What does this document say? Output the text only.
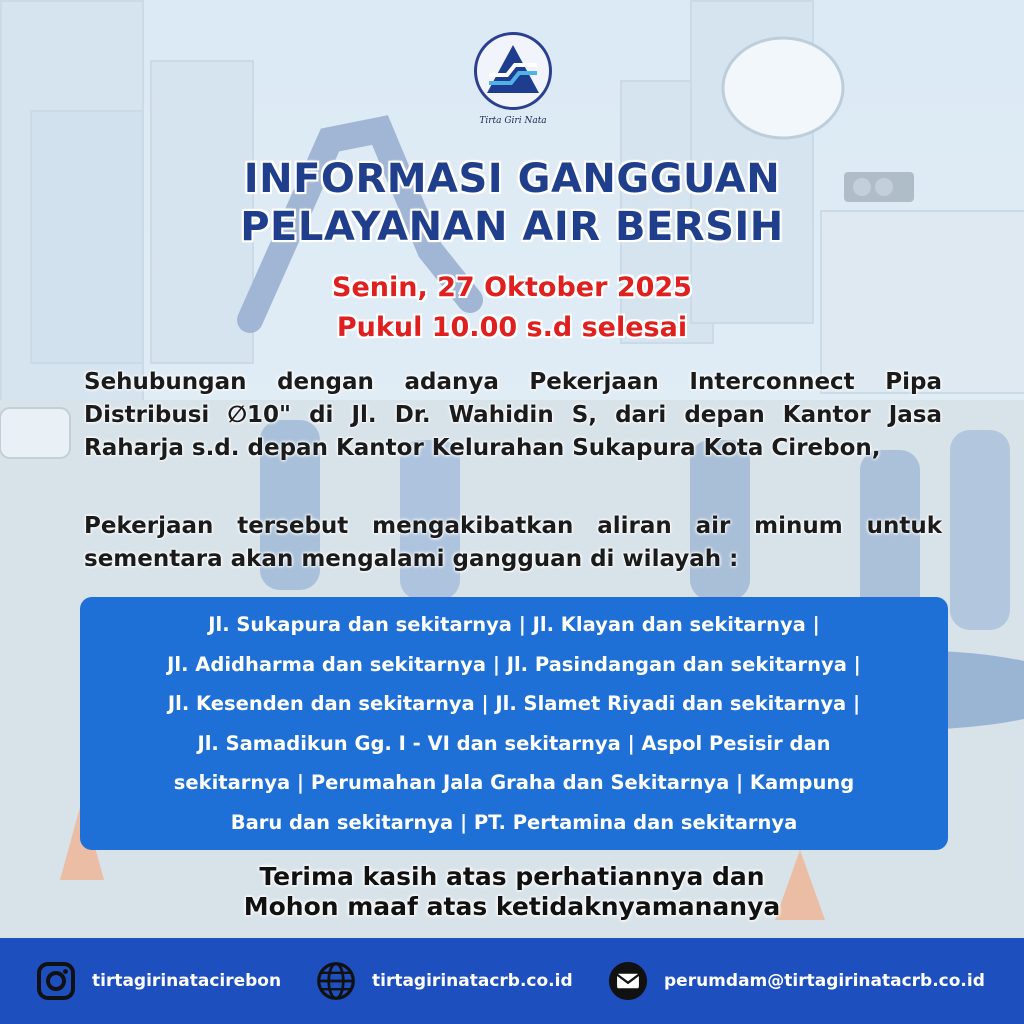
Tirta Giri Nata
INFORMASI GANGGUAN
PELAYANAN AIR BERSIH
Senin, 27 Oktober 2025
Pukul 10.00 s.d selesai
Sehubungan dengan adanya Pekerjaan Interconnect Pipa Distribusi ∅10" di Jl. Dr. Wahidin S, dari depan Kantor Jasa Raharja s.d. depan Kantor Kelurahan Sukapura Kota Cirebon,
Pekerjaan tersebut mengakibatkan aliran air minum untuk sementara akan mengalami gangguan di wilayah :
Jl. Sukapura dan sekitarnya | Jl. Klayan dan sekitarnya |
Jl. Adidharma dan sekitarnya | Jl. Pasindangan dan sekitarnya |
Jl. Kesenden dan sekitarnya | Jl. Slamet Riyadi dan sekitarnya |
Jl. Samadikun Gg. I - VI dan sekitarnya | Aspol Pesisir dan
sekitarnya | Perumahan Jala Graha dan Sekitarnya | Kampung
Baru dan sekitarnya | PT. Pertamina dan sekitarnya
Terima kasih atas perhatiannya dan
Mohon maaf atas ketidaknyamananya
tirtagirinatacirebon	tirtagirinatacrb.co.id	perumdam@tirtagirinatacrb.co.id
